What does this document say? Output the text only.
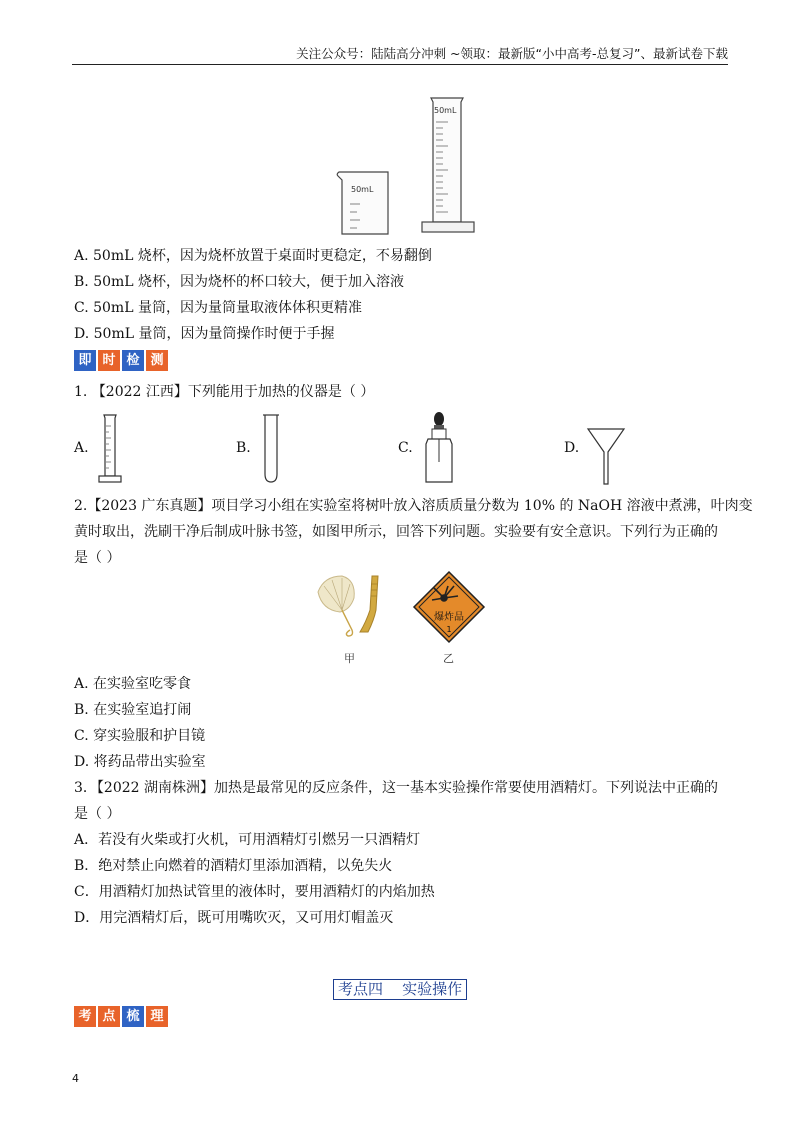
关注公众号：陆陆高分冲刺 ~领取：最新版“小中高考-总复习”、最新试卷下载
50mL
50mL
A. 50mL 烧杯，因为烧杯放置于桌面时更稳定，不易翻倒
B. 50mL 烧杯，因为烧杯的杯口较大，便于加入溶液
C. 50mL 量筒，因为量筒量取液体体积更精准
D. 50mL 量筒，因为量筒操作时便于手握
即 时 检 测
1. 【2022 江西】下列能用于加热的仪器是（ ）
A.	B.	C.	D.
2.【2023 广东真题】项目学习小组在实验室将树叶放入溶质质量分数为 10% 的 NaOH 溶液中煮沸，叶肉变
黄时取出，洗刷干净后制成叶脉书签，如图甲所示，回答下列问题。实验要有安全意识。下列行为正确的
是（ ）
爆炸品
1
甲	乙
A. 在实验室吃零食
B. 在实验室追打闹
C. 穿实验服和护目镜
D. 将药品带出实验室
3．【2022 湖南株洲】加热是最常见的反应条件，这一基本实验操作常要使用酒精灯。下列说法中正确的
是（ ）
A．若没有火柴或打火机，可用酒精灯引燃另一只酒精灯
B．绝对禁止向燃着的酒精灯里添加酒精，以免失火
C．用酒精灯加热试管里的液体时，要用酒精灯的内焰加热
D．用完酒精灯后，既可用嘴吹灭，又可用灯帽盖灭
考点四    实验操作
考 点 梳 理
4
